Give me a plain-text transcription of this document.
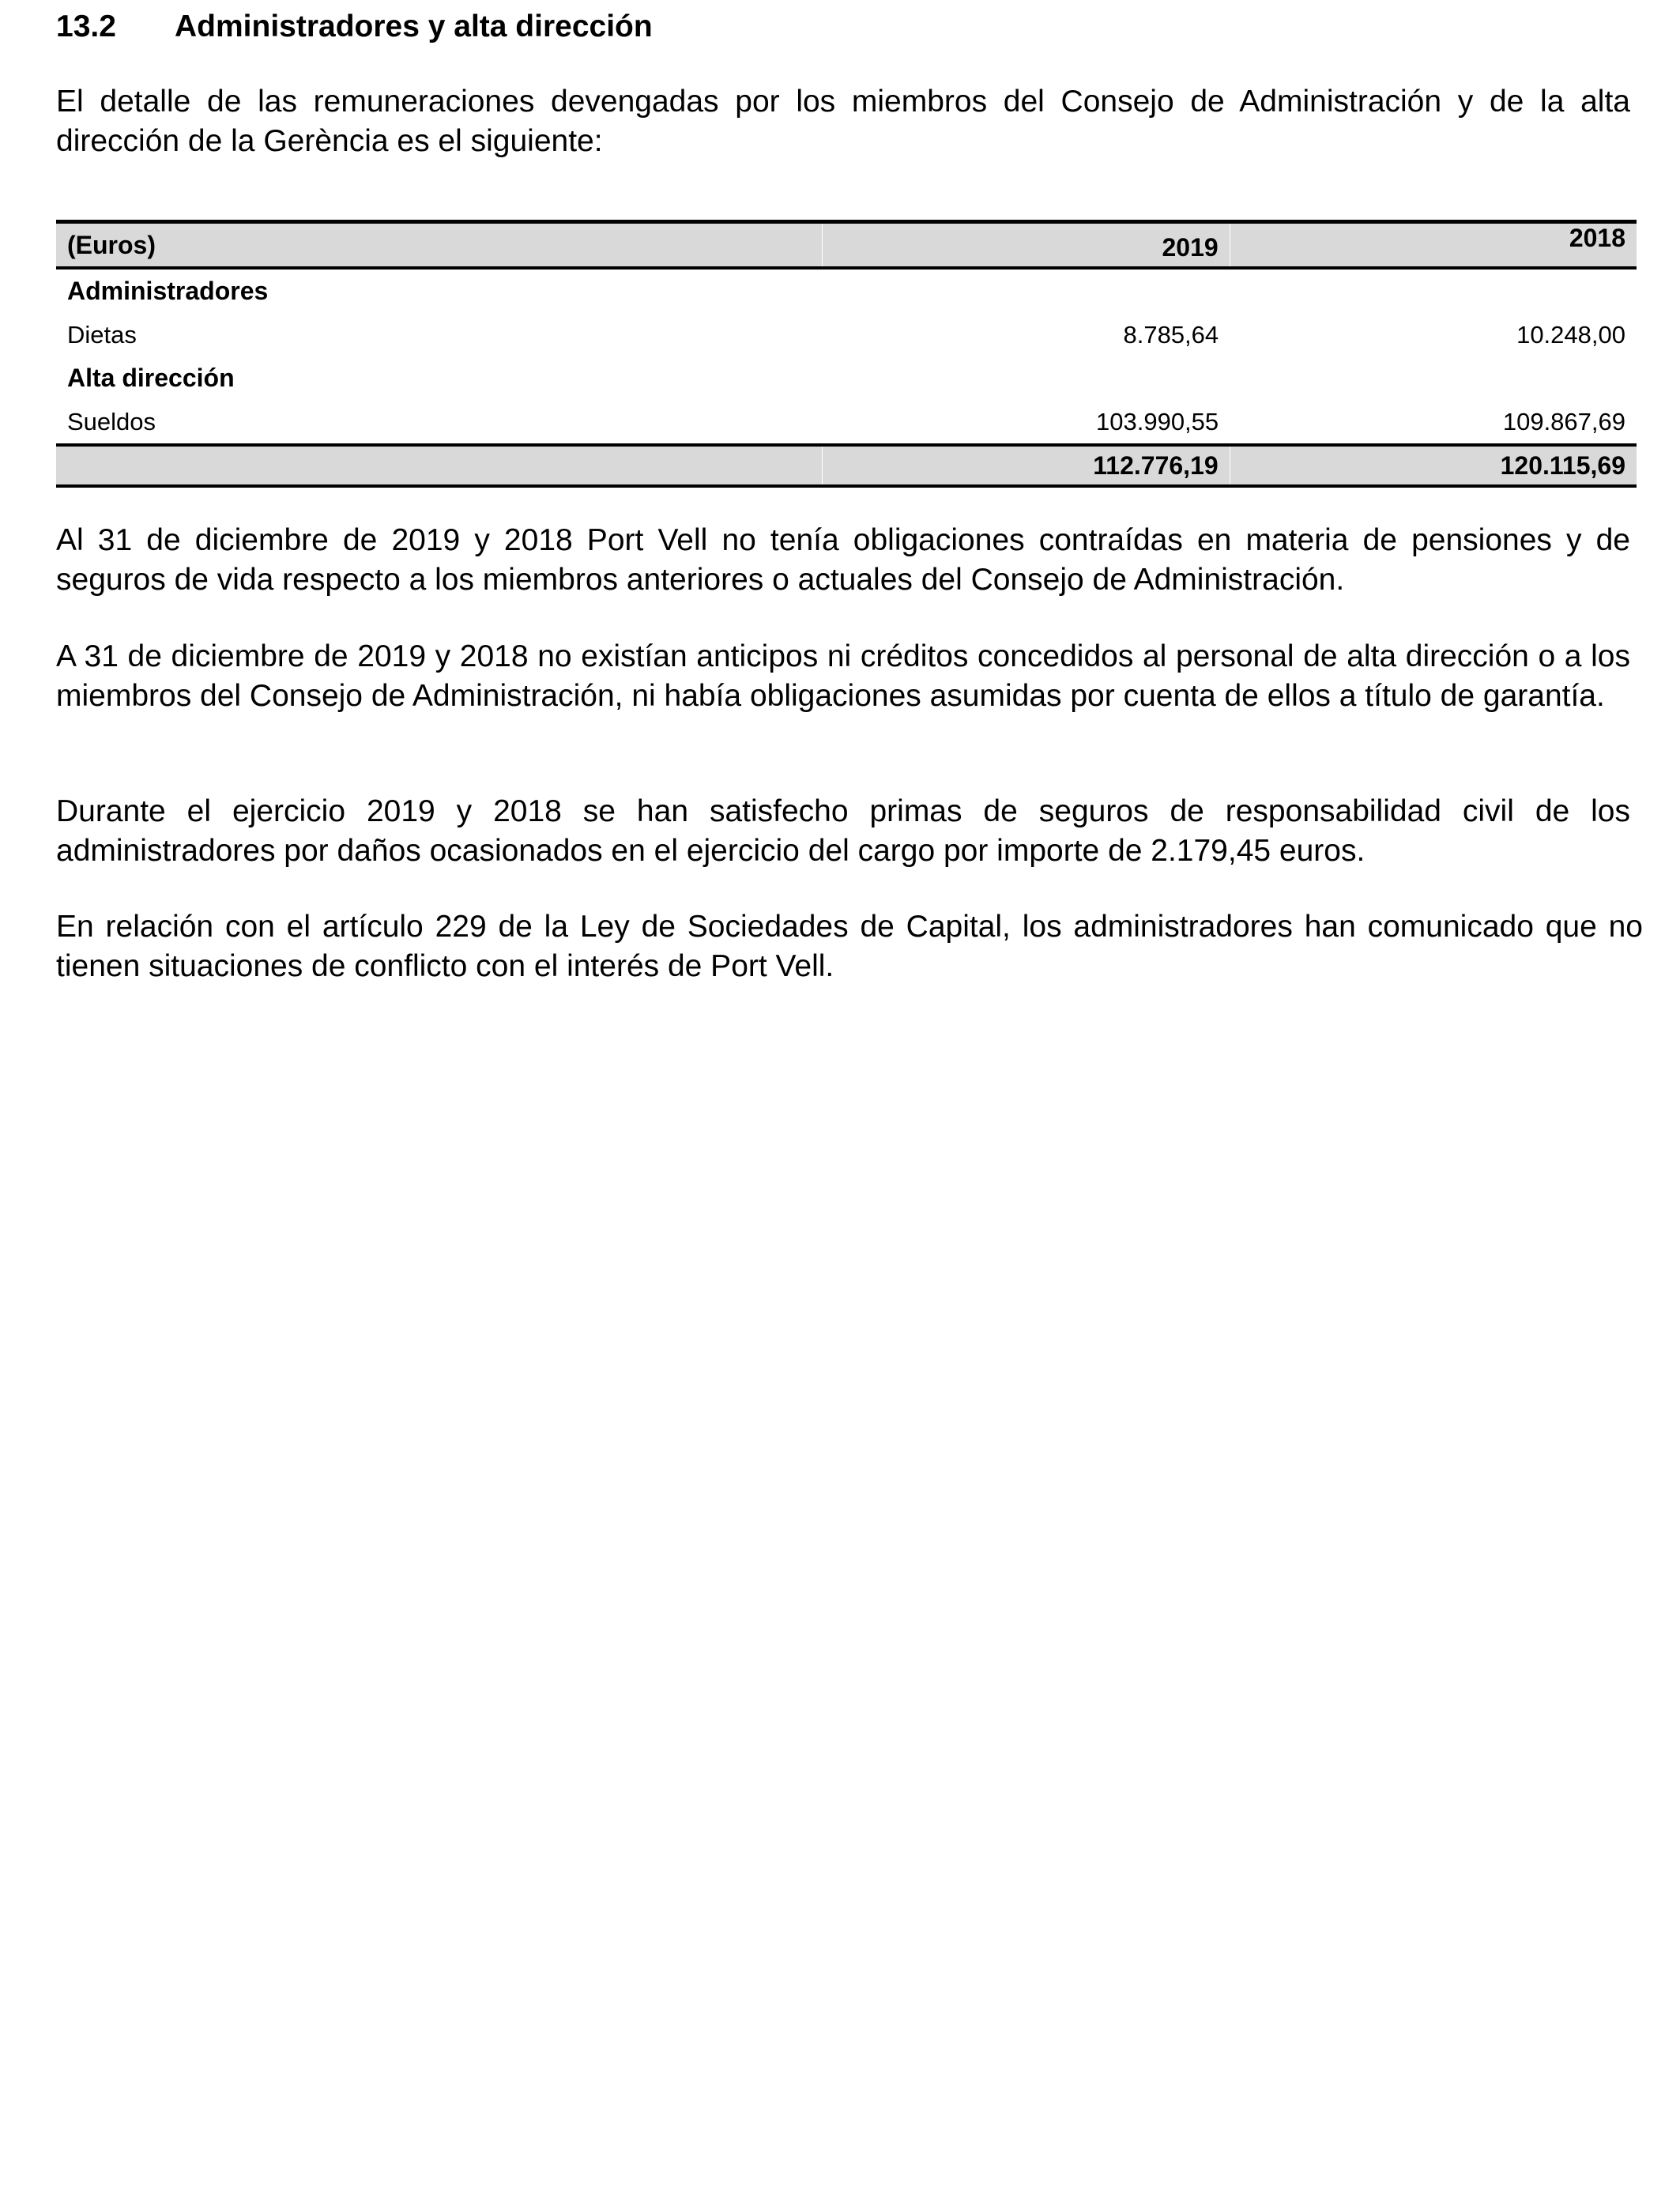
13.2 Administradores y alta dirección

El detalle de las remuneraciones devengadas por los miembros del Consejo de Administración y de la alta dirección de la Gerència es el siguiente:

(Euros)	2019	2018
Administradores		
Dietas	8.785,64	10.248,00
Alta dirección		
Sueldos	103.990,55	109.867,69
	112.776,19	120.115,69

Al 31 de diciembre de 2019 y 2018 Port Vell no tenía obligaciones contraídas en materia de pensiones y de seguros de vida respecto a los miembros anteriores o actuales del Consejo de Administración.

A 31 de diciembre de 2019 y 2018 no existían anticipos ni créditos concedidos al personal de alta dirección o a los miembros del Consejo de Administración, ni había obligaciones asumidas por cuenta de ellos a título de garantía.

Durante el ejercicio 2019 y 2018 se han satisfecho primas de seguros de responsabilidad civil de los administradores por daños ocasionados en el ejercicio del cargo por importe de 2.179,45 euros.

En relación con el artículo 229 de la Ley de Sociedades de Capital, los administradores han comunicado que no tienen situaciones de conflicto con el interés de Port Vell.
